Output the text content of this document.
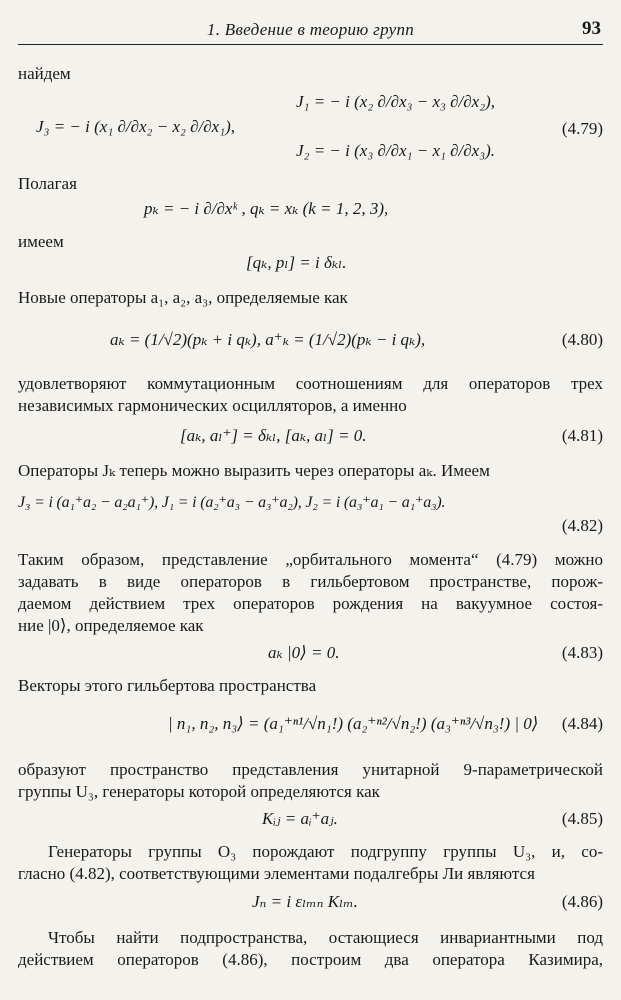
1. Введение в теорию групп	93
найдем
J₁ = − i (x₂ ∂/∂x₃ − x₃ ∂/∂x₂),
J₃ = − i (x₁ ∂/∂x₂ − x₂ ∂/∂x₁),	(4.79)
J₂ = − i (x₃ ∂/∂x₁ − x₁ ∂/∂x₃).
Полагая
pₖ = − i ∂/∂xᵏ , qₖ = xₖ (k = 1, 2, 3),
имеем
[qₖ, pₗ] = i δₖₗ.
Новые операторы a₁, a₂, a₃, определяемые как
aₖ = (1/√2)(pₖ + i qₖ), a⁺ₖ = (1/√2)(pₖ − i qₖ),	(4.80)
удовлетворяют коммутационным соотношениям для операторов трех
независимых гармонических осцилляторов, а именно
[aₖ, aₗ⁺] = δₖₗ, [aₖ, aₗ] = 0.	(4.81)
Операторы Jₖ теперь можно выразить через операторы aₖ. Имеем
J₃ = i (a₁⁺a₂ − a₂a₁⁺), J₁ = i (a₂⁺a₃ − a₃⁺a₂), J₂ = i (a₃⁺a₁ − a₁⁺a₃).
(4.82)
Таким образом, представление „орбитального момента“ (4.79) можно
задавать в виде операторов в гильбертовом пространстве, порож-
даемом действием трех операторов рождения на вакуумное состоя-
ние |0⟩, определяемое как
aₖ |0⟩ = 0.	(4.83)
Векторы этого гильбертова пространства
| n₁, n₂, n₃⟩ = (a₁⁺ⁿ¹/√n₁!) (a₂⁺ⁿ²/√n₂!) (a₃⁺ⁿ³/√n₃!) | 0⟩ (4.84)
образуют пространство представления унитарной 9-параметрической
группы U₃, генераторы которой определяются как
Kᵢⱼ = aᵢ⁺aⱼ.	(4.85)
Генераторы группы O₃ порождают подгруппу группы U₃, и, со-
гласно (4.82), соответствующими элементами подалгебры Ли являются
Jₙ = i εₗₘₙ Kₗₘ.	(4.86)
Чтобы найти подпространства, остающиеся инвариантными под
действием операторов (4.86), построим два оператора Казимира,
